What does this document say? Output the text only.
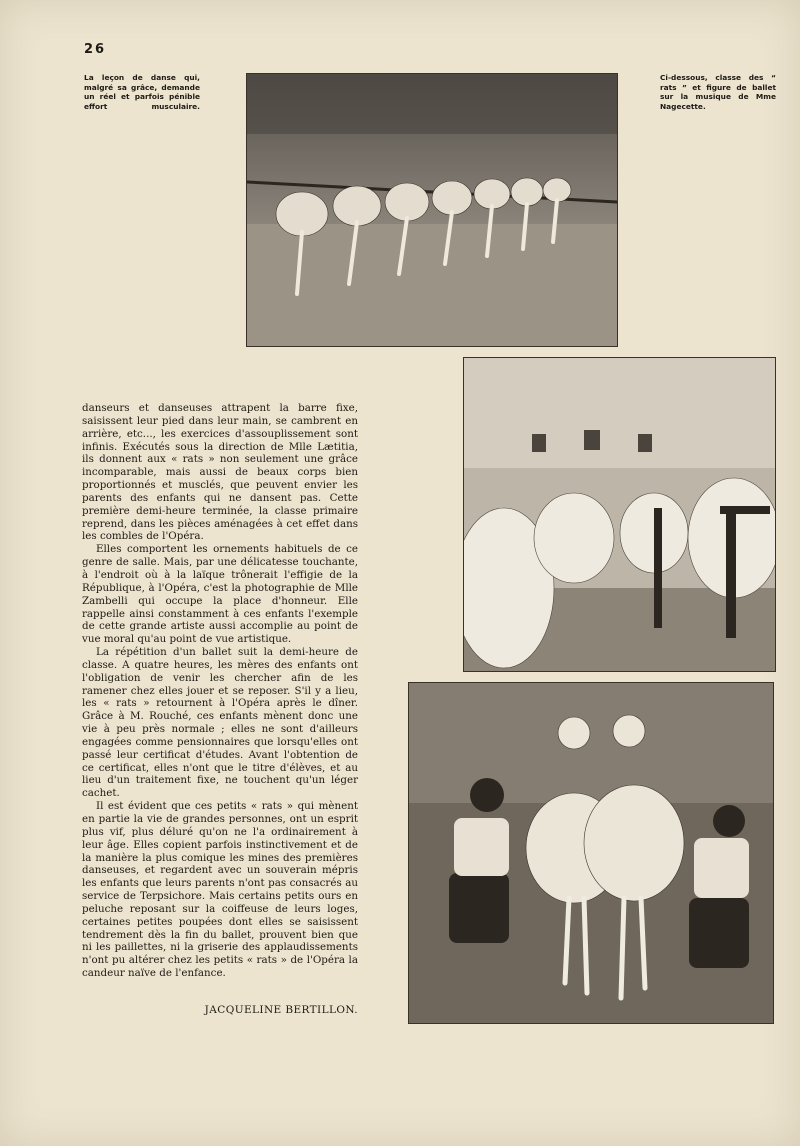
26
La leçon de danse qui, malgré sa grâce, demande un réel et parfois pénible effort musculaire.
Ci-dessous, classe des “ rats ” et figure de ballet sur la musique de Mme Nagecette.

danseurs et danseuses attrapent la barre fixe, saisissent leur pied dans leur main, se cambrent en arrière, etc..., les exercices d'assouplissement sont infinis. Exécutés sous la direction de Mlle Lætitia, ils donnent aux « rats » non seulement une grâce incomparable, mais aussi de beaux corps bien proportionnés et musclés, que peuvent envier les parents des enfants qui ne dansent pas. Cette première demi-heure terminée, la classe primaire reprend, dans les pièces aménagées à cet effet dans les combles de l'Opéra.

Elles comportent les ornements habituels de ce genre de salle. Mais, par une délicatesse touchante, à l'endroit où à la laïque trônerait l'effigie de la République, à l'Opéra, c'est la photographie de Mlle Zambelli qui occupe la place d'honneur. Elle rappelle ainsi constamment à ces enfants l'exemple de cette grande artiste aussi accomplie au point de vue moral qu'au point de vue artistique.

La répétition d'un ballet suit la demi-heure de classe. A quatre heures, les mères des enfants ont l'obligation de venir les chercher afin de les ramener chez elles jouer et se reposer. S'il y a lieu, les « rats » retournent à l'Opéra après le dîner. Grâce à M. Rouché, ces enfants mènent donc une vie à peu près normale ; elles ne sont d'ailleurs engagées comme pensionnaires que lorsqu'elles ont passé leur certificat d'études. Avant l'obtention de ce certificat, elles n'ont que le titre d'élèves, et au lieu d'un traitement fixe, ne touchent qu'un léger cachet.

Il est évident que ces petits « rats » qui mènent en partie la vie de grandes personnes, ont un esprit plus vif, plus déluré qu'on ne l'a ordinairement à leur âge. Elles copient parfois instinctivement et de la manière la plus comique les mines des premières danseuses, et regardent avec un souverain mépris les enfants que leurs parents n'ont pas consacrés au service de Terpsichore. Mais certains petits ours en peluche reposant sur la coiffeuse de leurs loges, certaines petites poupées dont elles se saisissent tendrement dès la fin du ballet, prouvent bien que ni les paillettes, ni la griserie des applaudissements n'ont pu altérer chez les petits « rats » de l'Opéra la candeur naïve de l'enfance.

JACQUELINE BERTILLON.
